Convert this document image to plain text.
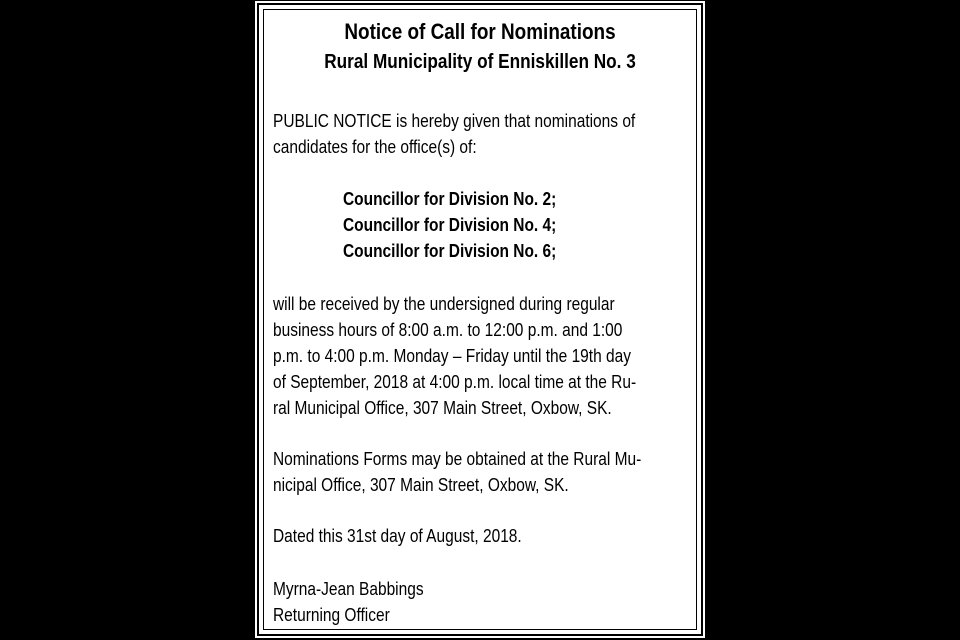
Notice of Call for Nominations
Rural Municipality of Enniskillen No. 3
PUBLIC NOTICE is hereby given that nominations of
candidates for the office(s) of:
Councillor for Division No. 2;
Councillor for Division No. 4;
Councillor for Division No. 6;
will be received by the undersigned during regular
business hours of 8:00 a.m. to 12:00 p.m. and 1:00
p.m. to 4:00 p.m. Monday – Friday until the 19th day
of September, 2018 at 4:00 p.m. local time at the Ru-
ral Municipal Office, 307 Main Street, Oxbow, SK.
Nominations Forms may be obtained at the Rural Mu-
nicipal Office, 307 Main Street, Oxbow, SK.
Dated this 31st day of August, 2018.
Myrna-Jean Babbings
Returning Officer
